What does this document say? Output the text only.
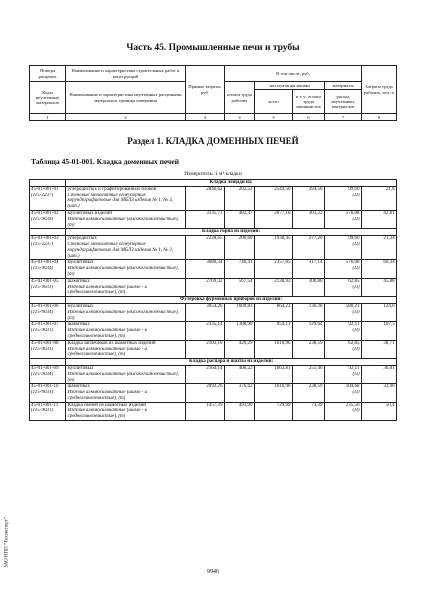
Часть 45. Промышленные печи и трубы
Номера расценок	Наименование и характеристика строительных работ и конструкций	Прямые затраты, руб.	В том числе, руб.				Затраты труда рабочих, чел.-ч
Коды неучтенных материалов	Наименование и характеристика неучтенных расценками материалов, единица измерения		оплата труда рабочих	эксплуатация машин		материалы	
				всего	в т. ч. оплата труда машинистов	расход неучтенных материалов	
1	2	3	4	5	6	7	8
Раздел 1. КЛАДКА ДОМЕННЫХ ПЕЧЕЙ
Таблица 45-01-001. Кладка доменных печей
Измеритель: 1 м³ кладки
	Кладка лещади из:						
45-01-001-01	углеродистых и графитированных блоков	2846,62	202,52	2544,50	394,56	99,60	21,8
(115-2237)	Стеновые монолитные огнеупорные корундографитовые для МБЛЗ изделия № 1, № 3, (шт.)					(П)	
45-01-001-02	муллитовых изделий	3135,73	482,47	2077,18	303,22	576,08	42,81
(115-9034)	Изделия алюмосиликатные (высокоглиноземистые), (т)					(П)	
	Кладка горна из изделий:						
45-01-001-03	углеродистых	2238,65	200,60	1938,45	277,20	99,60	21,34
(115-2237)	Стеновые монолитные огнеупорные корундографитовые для МБЛЗ изделия № 1, № 3, (шт.)					(П)	
45-01-001-04	муллитовых	3680,34	746,41	2357,85	317,14	576,08	60,34
(115-9034)	Изделия алюмосиликатные (высокоглиноземистые), (т)					(П)	
45-01-001-05	шамотных	2769,32	567,54	2138,93	300,80	62,85	45,88
(115-9031)	Изделия алюмосиликатные (шамо - и среднеглиноземистые), (т)					(П)	
	Футеровка фурменных приборов из изделий:						
45-01-001-06	муллитовых	3054,26	1609,83	864,22	136,38	580,21	124,6
(115-9034)	Изделия алюмосиликатные (высокоглиноземистые), (т)					(П)	
45-01-001-07	шамотных	2335,14	1388,90	854,13	129,64	92,11	107,5
(115-9031)	Изделия алюмосиликатные (шамо - и среднеглиноземистые), (т)					(П)	
45-01-001-08	Кладка заплечиков из шамотных изделий	2103,10	429,29	1610,96	238,59	62,85	38,71
(115-9031)	Изделия алюмосиликатные (шамо - и среднеглиноземистые), (т)					(П)	
	Кладка распара и шахты из изделий:						
45-01-001-09	муллитовых	2164,14	408,22	1663,81	251,40	92,11	36,81
(115-9034)	Изделия алюмосиликатные (высокоглиноземистые), (т)					(П)	
45-01-001-10	шамотных	2092,26	376,62	1610,96	238,59	104,68	33,96
(115-9031)	Изделия алюмосиликатные (шамо - и среднеглиноземистые), (т)					(П)	
45-01-001-11	Кладка свечей из шамотных изделий	1457,39	491,90	729,99	73,39	235,50	50,4
(115-9031)	Изделия алюмосиликатные (шамо - и среднеглиноземистые), (т)					(П)	
ЗАО НПП "Техэксперт"
9946
